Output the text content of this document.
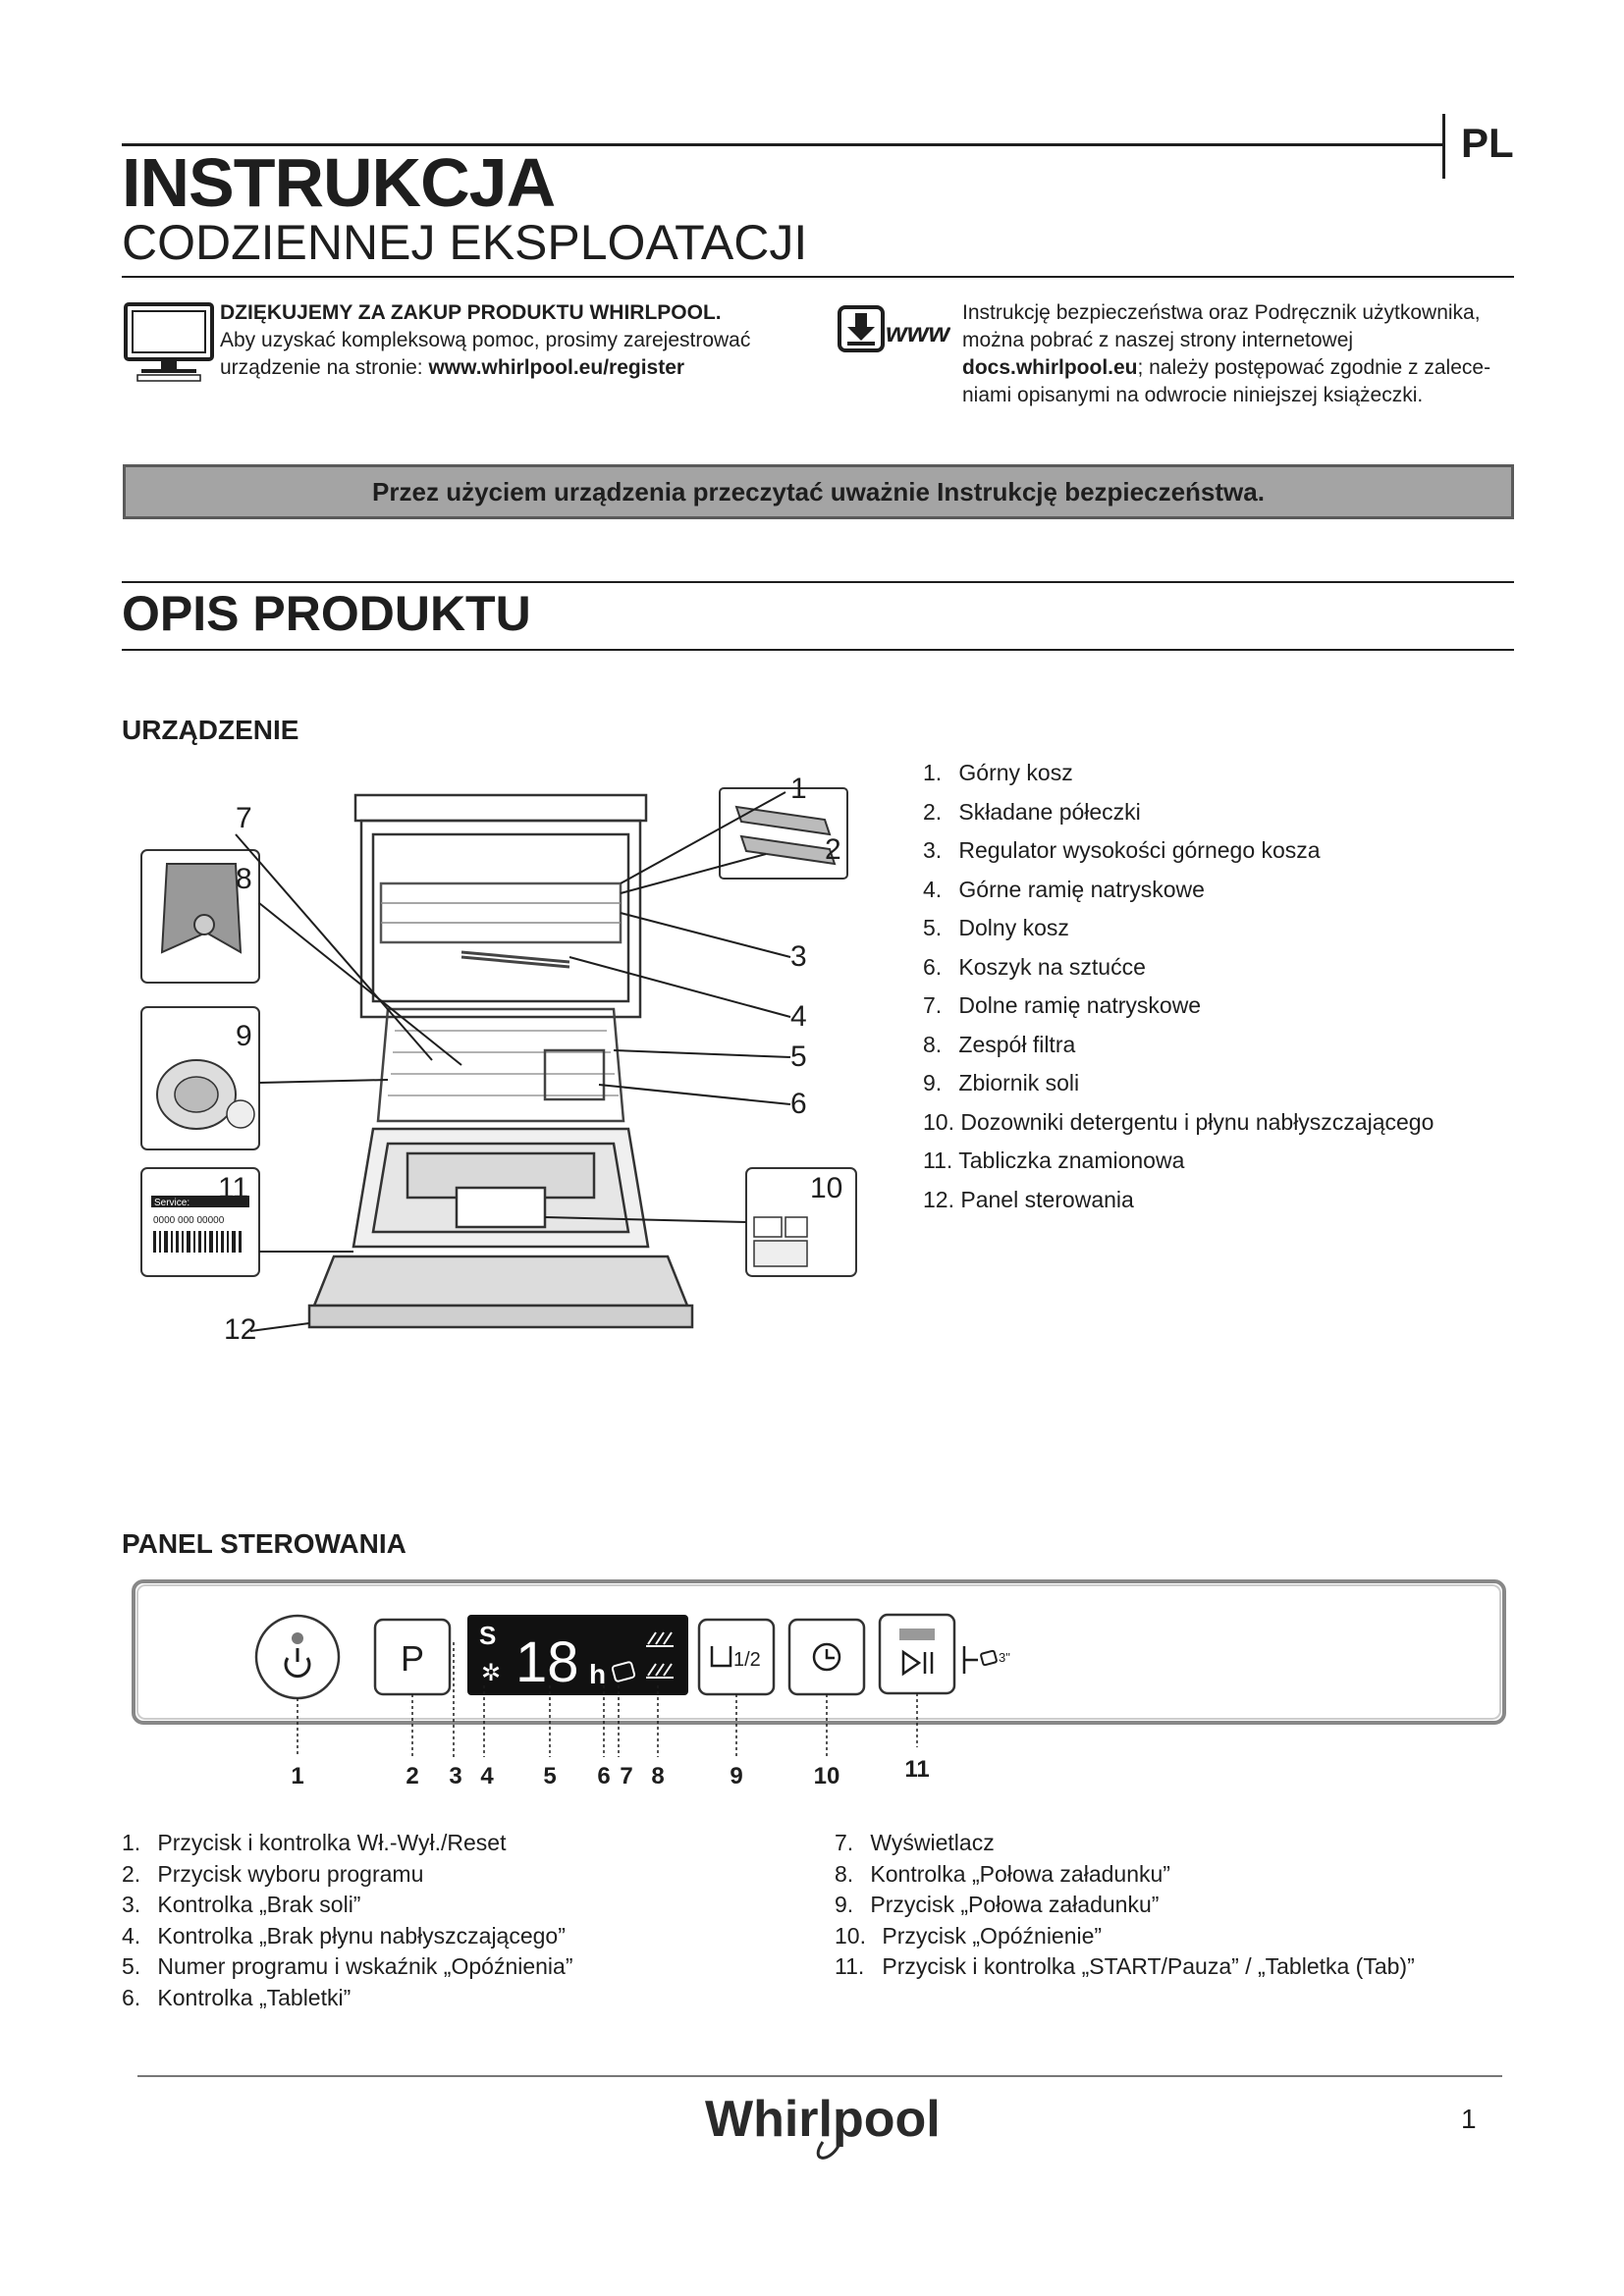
PL
INSTRUKCJA
CODZIENNEJ EKSPLOATACJI
DZIĘKUJEMY ZA ZAKUP PRODUKTU WHIRLPOOL.
Aby uzyskać kompleksową pomoc, prosimy zarejestrować
urządzenie na stronie: www.whirlpool.eu/register
www
Instrukcję bezpieczeństwa oraz Podręcznik użytkownika,
można pobrać z naszej strony internetowej
docs.whirlpool.eu; należy postępować zgodnie z zalece-
niami opisanymi na odwrocie niniejszej książeczki.
Przez użyciem urządzenia przeczytać uważnie Instrukcję bezpieczeństwa.
OPIS PRODUKTU
URZĄDZENIE
Service:
0000 000 00000
1
2
3
4
5
6
7
8
9
10
11
12
1. Górny kosz
2. Składane półeczki
3. Regulator wysokości górnego kosza
4. Górne ramię natryskowe
5. Dolny kosz
6. Koszyk na sztućce
7. Dolne ramię natryskowe
8. Zespół filtra
9. Zbiornik soli
10. Dozowniki detergentu i płynu nabłyszczającego
11. Tabliczka znamionowa
12. Panel sterowania
PANEL STEROWANIA
P
S
✲ 18 h	1/2	3"
1	2 3 4 5 6 7 8	9	10	11
1. Przycisk i kontrolka Wł.-Wył./Reset
2. Przycisk wyboru programu
3. Kontrolka „Brak soli”
4. Kontrolka „Brak płynu nabłyszczającego”
5. Numer programu i wskaźnik „Opóźnienia”
6. Kontrolka „Tabletki”
7. Wyświetlacz
8. Kontrolka „Połowa załadunku”
9. Przycisk „Połowa załadunku”
10. Przycisk „Opóźnienie”
11. Przycisk i kontrolka „START/Pauza” / „Tabletka (Tab)”
Whirlpool	1
